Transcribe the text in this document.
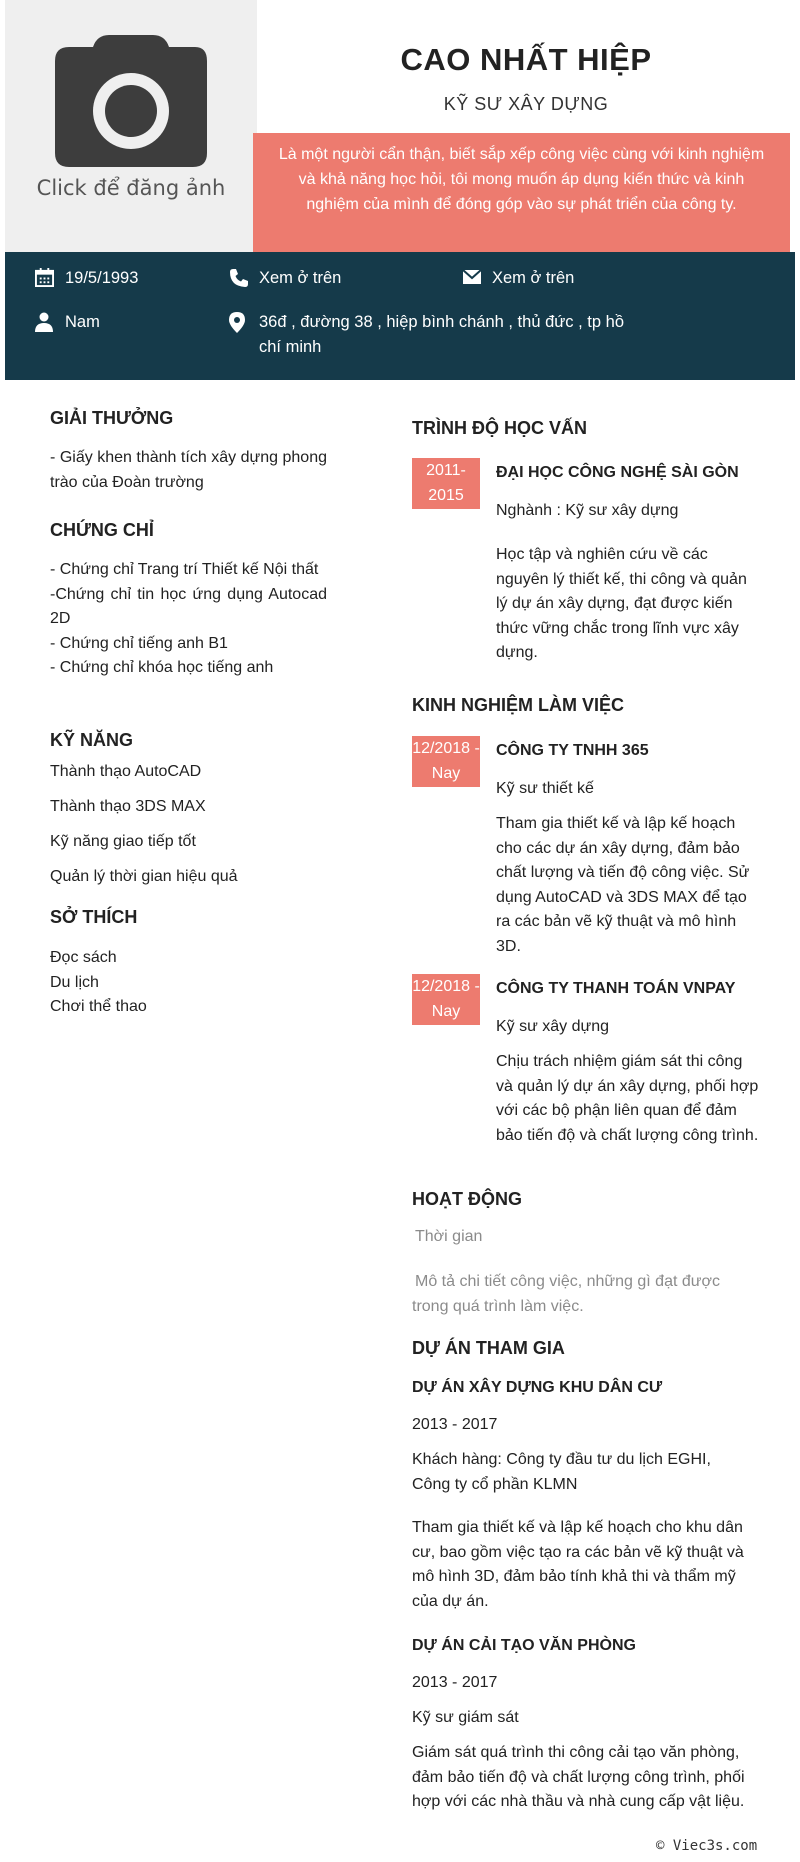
Click để đăng ảnh
CAO NHẤT HIỆP
KỸ SƯ XÂY DỰNG
Là một người cẩn thận, biết sắp xếp công việc cùng với kinh nghiệm và khả năng học hỏi, tôi mong muốn áp dụng kiến thức và kinh nghiệm của mình để đóng góp vào sự phát triển của công ty.
19/5/1993	Xem ở trên	Xem ở trên
Nam	36đ , đường 38 , hiệp bình chánh , thủ đức , tp hồ chí minh
GIẢI THƯỞNG
- Giấy khen thành tích xây dựng phong trào của Đoàn trường
CHỨNG CHỈ
- Chứng chỉ Trang trí Thiết kế Nội thất
-Chứng chỉ tin học ứng dụng Autocad 2D
- Chứng chỉ tiếng anh B1
- Chứng chỉ khóa học tiếng anh
KỸ NĂNG
Thành thạo AutoCAD
Thành thạo 3DS MAX
Kỹ năng giao tiếp tốt
Quản lý thời gian hiệu quả
SỞ THÍCH
Đọc sách
Du lịch
Chơi thể thao
TRÌNH ĐỘ HỌC VẤN
2011-2015
ĐẠI HỌC CÔNG NGHỆ SÀI GÒN
Nghành : Kỹ sư xây dựng
Học tập và nghiên cứu về các nguyên lý thiết kế, thi công và quản lý dự án xây dựng, đạt được kiến thức vững chắc trong lĩnh vực xây dựng.
KINH NGHIỆM LÀM VIỆC
12/2018 - Nay
CÔNG TY TNHH 365
Kỹ sư thiết kế
Tham gia thiết kế và lập kế hoạch cho các dự án xây dựng, đảm bảo chất lượng và tiến độ công việc. Sử dụng AutoCAD và 3DS MAX để tạo ra các bản vẽ kỹ thuật và mô hình 3D.
12/2018 - Nay
CÔNG TY THANH TOÁN VNPAY
Kỹ sư xây dựng
Chịu trách nhiệm giám sát thi công và quản lý dự án xây dựng, phối hợp với các bộ phận liên quan để đảm bảo tiến độ và chất lượng công trình.
HOẠT ĐỘNG
Thời gian
Mô tả chi tiết công việc, những gì đạt được trong quá trình làm việc.
DỰ ÁN THAM GIA
DỰ ÁN XÂY DỰNG KHU DÂN CƯ
2013 - 2017
Khách hàng: Công ty đầu tư du lịch EGHI, Công ty cổ phần KLMN
Tham gia thiết kế và lập kế hoạch cho khu dân cư, bao gồm việc tạo ra các bản vẽ kỹ thuật và mô hình 3D, đảm bảo tính khả thi và thẩm mỹ của dự án.
DỰ ÁN CẢI TẠO VĂN PHÒNG
2013 - 2017
Kỹ sư giám sát
Giám sát quá trình thi công cải tạo văn phòng, đảm bảo tiến độ và chất lượng công trình, phối hợp với các nhà thầu và nhà cung cấp vật liệu.
© Viec3s.com
